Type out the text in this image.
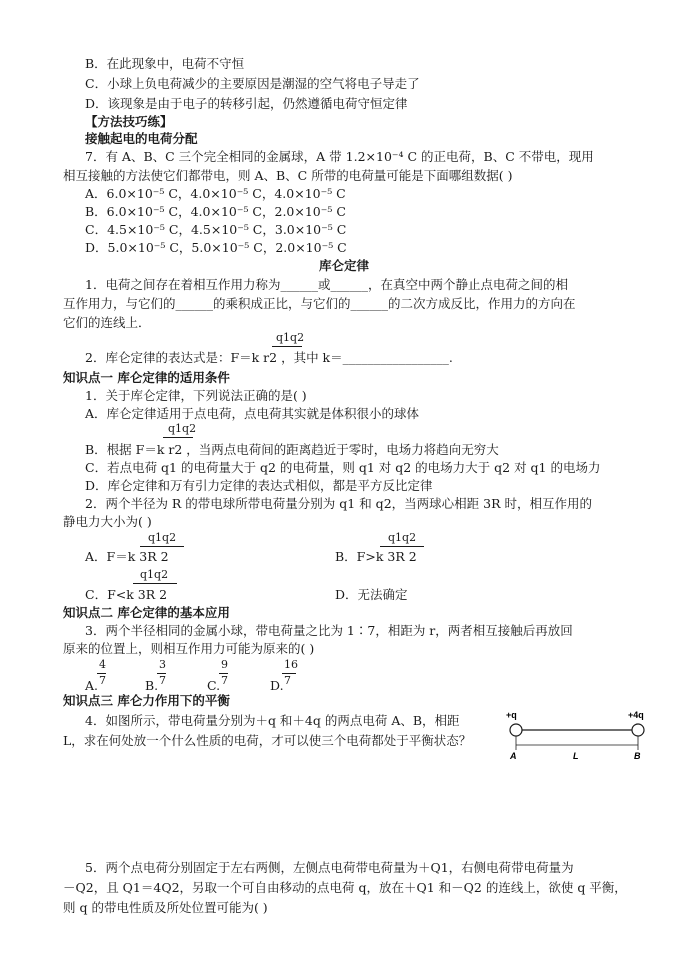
B．在此现象中，电荷不守恒
C．小球上负电荷减少的主要原因是潮湿的空气将电子导走了
D．该现象是由于电子的转移引起，仍然遵循电荷守恒定律
【方法技巧练】
接触起电的电荷分配
7．有 A、B、C 三个完全相同的金属球，A 带 1.2×10⁻⁴ C 的正电荷，B、C 不带电，现用
相互接触的方法使它们都带电，则 A、B、C 所带的电荷量可能是下面哪组数据( )
A．6.0×10⁻⁵ C，4.0×10⁻⁵ C，4.0×10⁻⁵ C
B．6.0×10⁻⁵ C，4.0×10⁻⁵ C，2.0×10⁻⁵ C
C．4.5×10⁻⁵ C，4.5×10⁻⁵ C，3.0×10⁻⁵ C
D．5.0×10⁻⁵ C，5.0×10⁻⁵ C，2.0×10⁻⁵ C
库仑定律
1．电荷之间存在着相互作用力称为______或______，在真空中两个静止点电荷之间的相
互作用力，与它们的______的乘积成正比，与它们的______的二次方成反比，作用力的方向在
它们的连线上．
q1q2
2．库仑定律的表达式是：F＝k r2 ，其中 k＝_________________.
知识点一 库仑定律的适用条件
1．关于库仑定律，下列说法正确的是( )
A．库仑定律适用于点电荷，点电荷其实就是体积很小的球体
q1q2
B．根据 F＝k r2 ，当两点电荷间的距离趋近于零时，电场力将趋向无穷大
C．若点电荷 q1 的电荷量大于 q2 的电荷量，则 q1 对 q2 的电场力大于 q2 对 q1 的电场力
D．库仑定律和万有引力定律的表达式相似，都是平方反比定律
2．两个半径为 R 的带电球所带电荷量分别为 q1 和 q2，当两球心相距 3R 时，相互作用的
静电力大小为( )
q1q2
A．F＝k 3R 2
q1q2
B．F>k 3R 2
q1q2
C．F<k 3R 2	D．无法确定
知识点二 库仑定律的基本应用
3．两个半径相同的金属小球，带电荷量之比为 1∶7，相距为 r，两者相互接触后再放回
原来的位置上，则相互作用力可能为原来的( )
A.
4
7	B.
3
7	C.
9
7	D.
16
7
知识点三 库仑力作用下的平衡
4．如图所示，带电荷量分别为＋q 和＋4q 的两点电荷 A、B，相距
L，求在何处放一个什么性质的电荷，才可以使三个电荷都处于平衡状态？
+q	+4q
A	L	B
5．两个点电荷分别固定于左右两侧，左侧点电荷带电荷量为＋Q1，右侧电荷带电荷量为
－Q2，且 Q1＝4Q2，另取一个可自由移动的点电荷 q，放在＋Q1 和－Q2 的连线上，欲使 q 平衡，
则 q 的带电性质及所处位置可能为( )
